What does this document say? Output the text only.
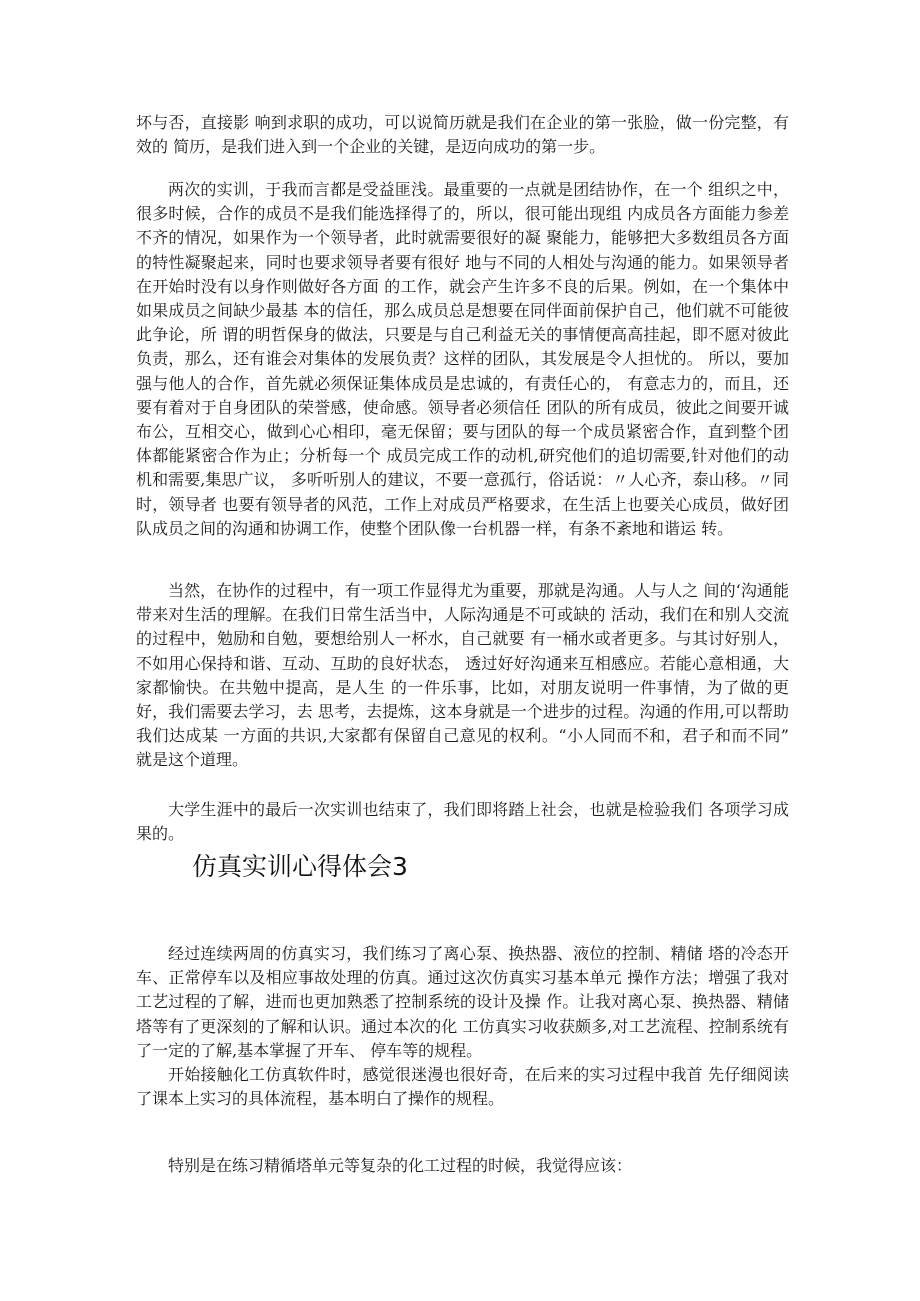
坏与否，直接影 响到求职的成功，可以说简历就是我们在企业的第一张脸，做一份完整，有效的 简历，是我们进入到一个企业的关键，是迈向成功的第一步。

两次的实训，于我而言都是受益匪浅。最重要的一点就是团结协作，在一个 组织之中，很多时候，合作的成员不是我们能选择得了的，所以，很可能出现组 内成员各方面能力参差不齐的情况，如果作为一个领导者，此时就需要很好的凝 聚能力，能够把大多数组员各方面的特性凝聚起来，同时也要求领导者要有很好 地与不同的人相处与沟通的能力。如果领导者在开始时没有以身作则做好各方面 的工作，就会产生许多不良的后果。例如，在一个集体中如果成员之间缺少最基 本的信任，那么成员总是想要在同伴面前保护自己，他们就不可能彼此争论，所 谓的明哲保身的做法，只要是与自己利益无关的事情便高高挂起，即不愿对彼此 负责，那么，还有谁会对集体的发展负责？这样的团队，其发展是令人担忧的。 所以，要加强与他人的合作，首先就必须保证集体成员是忠诚的，有责任心的， 有意志力的，而且，还要有着对于自身团队的荣誉感，使命感。领导者必须信任 团队的所有成员，彼此之间要开诚布公，互相交心，做到心心相印，毫无保留；要与团队的每一个成员紧密合作，直到整个团体都能紧密合作为止；分析每一个 成员完成工作的动机,研究他们的追切需要,针对他们的动机和需要,集思广议， 多听听别人的建议，不要一意孤行，俗话说：〃人心齐，泰山移。〃同时，领导者 也要有领导者的风范，工作上对成员严格要求，在生活上也要关心成员，做好团 队成员之间的沟通和协调工作，使整个团队像一台机器一样，有条不紊地和谐运 转。

当然，在协作的过程中，有一项工作显得尤为重要，那就是沟通。人与人之 间的‘沟通能带来对生活的理解。在我们日常生活当中，人际沟通是不可或缺的 活动，我们在和别人交流的过程中，勉励和自勉，要想给别人一杯水，自己就要 有一桶水或者更多。与其讨好别人，不如用心保持和谐、互动、互助的良好状态， 透过好好沟通来互相感应。若能心意相通，大家都愉快。在共勉中提高，是人生 的一件乐事，比如，对朋友说明一件事情，为了做的更好，我们需要去学习，去 思考，去提炼，这本身就是一个进步的过程。沟通的作用,可以帮助我们达成某 一方面的共识,大家都有保留自己意见的权利。“小人同而不和，君子和而不同” 就是这个道理。

大学生涯中的最后一次实训也结束了，我们即将踏上社会，也就是检验我们 各项学习成果的。

仿真实训心得体会3

经过连续两周的仿真实习，我们练习了离心泵、换热器、液位的控制、精储 塔的冷态开车、正常停车以及相应事故处理的仿真。通过这次仿真实习基本单元 操作方法；增强了我对工艺过程的了解，进而也更加熟悉了控制系统的设计及操 作。让我对离心泵、换热器、精储塔等有了更深刻的了解和认识。通过本次的化 工仿真实习收获颇多,对工艺流程、控制系统有了一定的了解,基本掌握了开车、 停车等的规程。

开始接触化工仿真软件时，感觉很迷漫也很好奇，在后来的实习过程中我首 先仔细阅读了课本上实习的具体流程，基本明白了操作的规程。

特别是在练习精循塔单元等复杂的化工过程的时候，我觉得应该：
